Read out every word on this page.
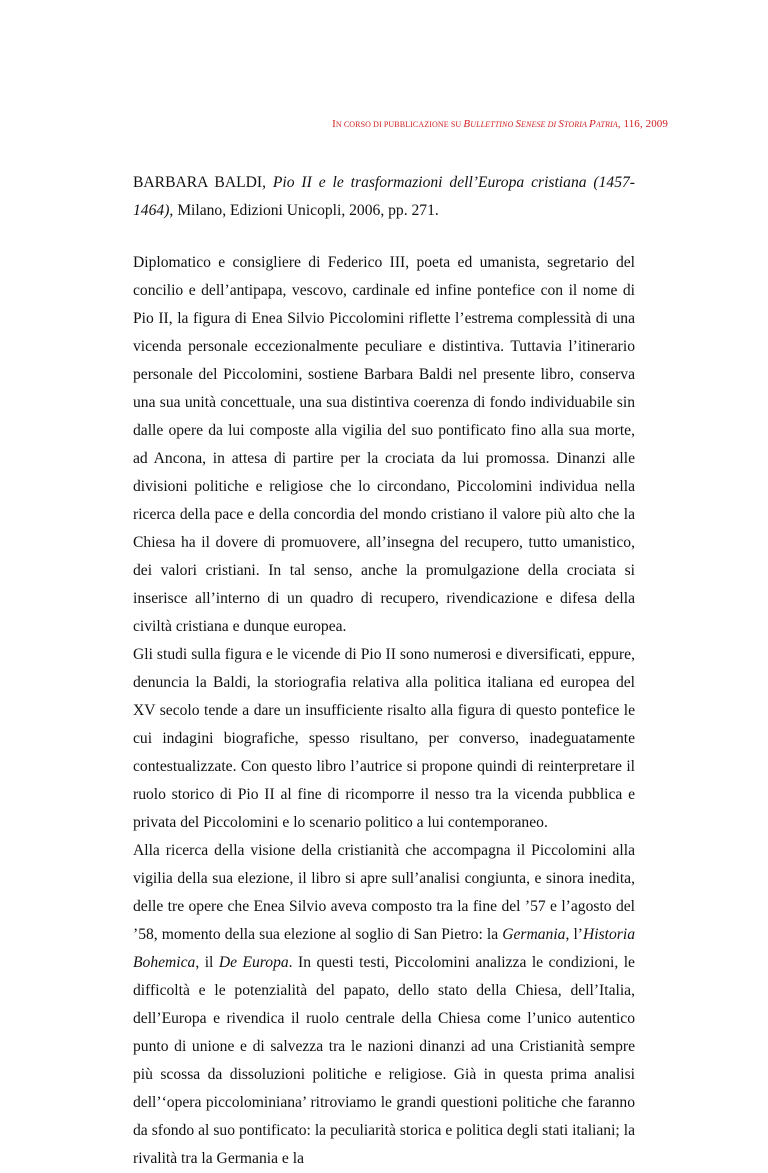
IN CORSO DI PUBBLICAZIONE SU BULLETTINO SENESE DI STORIA PATRIA, 116, 2009
BARBARA BALDI, Pio II e le trasformazioni dell’Europa cristiana (1457-1464), Milano, Edizioni Unicopli, 2006, pp. 271.

Diplomatico e consigliere di Federico III, poeta ed umanista, segretario del concilio e dell’antipapa, vescovo, cardinale ed infine pontefice con il nome di Pio II, la figura di Enea Silvio Piccolomini riflette l’estrema complessità di una vicenda personale eccezionalmente peculiare e distintiva. Tuttavia l’itinerario personale del Piccolomini, sostiene Barbara Baldi nel presente libro, conserva una sua unità concettuale, una sua distintiva coerenza di fondo individuabile sin dalle opere da lui composte alla vigilia del suo pontificato fino alla sua morte, ad Ancona, in attesa di partire per la crociata da lui promossa. Dinanzi alle divisioni politiche e religiose che lo circondano, Piccolomini individua nella ricerca della pace e della concordia del mondo cristiano il valore più alto che la Chiesa ha il dovere di promuovere, all’insegna del recupero, tutto umanistico, dei valori cristiani. In tal senso, anche la promulgazione della crociata si inserisce all’interno di un quadro di recupero, rivendicazione e difesa della civiltà cristiana e dunque europea.

Gli studi sulla figura e le vicende di Pio II sono numerosi e diversificati, eppure, denuncia la Baldi, la storiografia relativa alla politica italiana ed europea del XV secolo tende a dare un insufficiente risalto alla figura di questo pontefice le cui indagini biografiche, spesso risultano, per converso, inadeguatamente contestualizzate. Con questo libro l’autrice si propone quindi di reinterpretare il ruolo storico di Pio II al fine di ricomporre il nesso tra la vicenda pubblica e privata del Piccolomini e lo scenario politico a lui contemporaneo.

Alla ricerca della visione della cristianità che accompagna il Piccolomini alla vigilia della sua elezione, il libro si apre sull’analisi congiunta, e sinora inedita, delle tre opere che Enea Silvio aveva composto tra la fine del ’57 e l’agosto del ’58, momento della sua elezione al soglio di San Pietro: la Germania, l’Historia Bohemica, il De Europa. In questi testi, Piccolomini analizza le condizioni, le difficoltà e le potenzialità del papato, dello stato della Chiesa, dell’Italia, dell’Europa e rivendica il ruolo centrale della Chiesa come l’unico autentico punto di unione e di salvezza tra le nazioni dinanzi ad una Cristianità sempre più scossa da dissoluzioni politiche e religiose. Già in questa prima analisi dell’‘opera piccolominiana’ ritroviamo le grandi questioni politiche che faranno da sfondo al suo pontificato: la peculiarità storica e politica degli stati italiani; la rivalità tra la Germania e la
